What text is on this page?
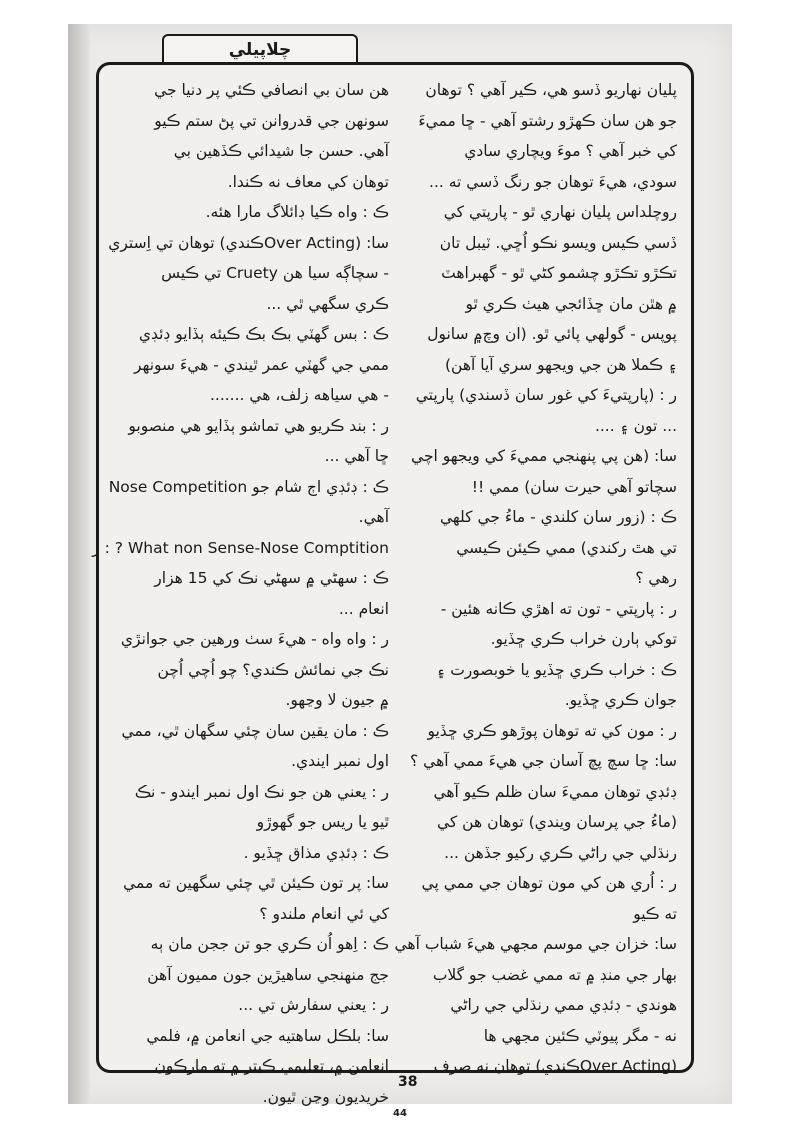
چلاپيلي
پليان نهاريو ڏسو هي، ڪير آهي ؟ توهان
جو هن سان ڪهڙو رشتو آهي - ڇا مميءَ
کي خبر آهي ؟ موءَ ويچاري سادي
سودي، هيءَ توهان جو رنگ ڏسي ته ...
روچلداس پليان نهاري ٿو - پارپتي کي
ڏسي ڪيس ويسو نڪو اُڇي. ٽيبل تان
تڪڙو تڪڙو چشمو کڻي ٿو - گهبراهٽ
۾ هٿن مان ڇڏائجي هيٺ ڪري ٿو
پوپس - گولهي پائي ٿو. (ان وچ۾ سانول
۽ ڪملا هن جي ويجهو سري آيا آهن)
ر : (پارپتيءَ کي غور سان ڏسندي) پارپتي
... تون ۽ ....
سا: (هن پي پنهنجي مميءَ کي ويجهو اچي
سچاتو آهي حيرت سان) ممي !!
ڪ : (زور سان کلندي - ماءُ جي کلهي
تي هٿ رکندي) ممي ڪيئن ڪيسي
رهي ؟
ر : پارپتي - تون ته اهڙي ڪانه هئين -
توکي ٻارن خراب ڪري ڇڏيو.
ڪ : خراب ڪري ڇڏيو يا خوبصورت ۽
جوان ڪري ڇڏيو.
ر : مون کي ته توهان پوڙهو ڪري ڇڏيو
سا: ڇا سچ پچ آسان جي هيءَ ممي آهي ؟
ڊئڊي توهان مميءَ سان ظلم ڪيو آهي
(ماءُ جي پرسان ويندي) توهان هن کي
رنڌلي جي راڻي ڪري رکيو جڏهن ...
ر : اُري هن کي مون توهان جي ممي پي
ته ڪيو
سا: خزان جي موسم مجهي هيءَ شباب آهي
بهار جي منڊ ۾ ته ممي غضب جو گلاب
هوندي - ڊئڊي ممي رنڌلي جي راڻي
نه - مگر پيوٽي ڪئين مجهي ها
(Over Actingڪندي) توهان نه صرف
هن سان بي انصافي ڪئي پر دنيا جي
سونهن جي قدروانن تي پڻ ستم ڪيو
آهي. حسن جا شيدائي ڪڏهين بي
توهان کي معاف نه ڪندا.
ڪ : واه ڪيا ڊائلاگ مارا هئه.
سا: (Over Actingڪندي) توهان تي اِستري
- سچاڳه سيا هن Cruety تي ڪيس
ڪري سگهي ٿي ...
ڪ : بس گهٽي بڪ بڪ ڪيئه ٻڏايو ڊئڊي
ممي جي گهٽي عمر ٿيندي - هيءَ سونهر
- هي سياهه زلف، هي .......
ر : بند ڪريو هي تماشو ٻڏايو هي منصوبو
ڇا آهي ...
ڪ : ڊئڊي اڄ شام جو Nose Competition
آهي.
What non Sense-Nose Comptition ? : ر
ڪ : سهڻي ۾ سهڻي نڪ کي 15 هزار
انعام ...
ر : واه واه - هيءَ سٺ ورهين جي جوانڙي
نڪ جي نمائش ڪندي؟ چو اُچي اُچن
۾ جيون لا وڃهو.
ڪ : مان يقين سان چئي سگهان ٿي، ممي
اول نمبر ايندي.
ر : يعني هن جو نڪ اول نمبر ايندو - نڪ
ٿيو يا ريس جو گهوڙو
ڪ : ڊئڊي مذاق ڇڏيو .
سا: پر تون ڪيئن ٿي چئي سگهين ته ممي
کي ئي انعام ملندو ؟
ڪ : اِهو اُن ڪري جو تن ججن مان ٻه
جج منهنجي ساهيڙين جون مميون آهن
ر : يعني سفارش تي ...
سا: بلڪل ساهتيه جي انعامن ۾، فلمي
انعامن ۾، تعليمي ڪيتر ۾ ته مارڪون
خريديون وڃن ٿيون.
38
44
